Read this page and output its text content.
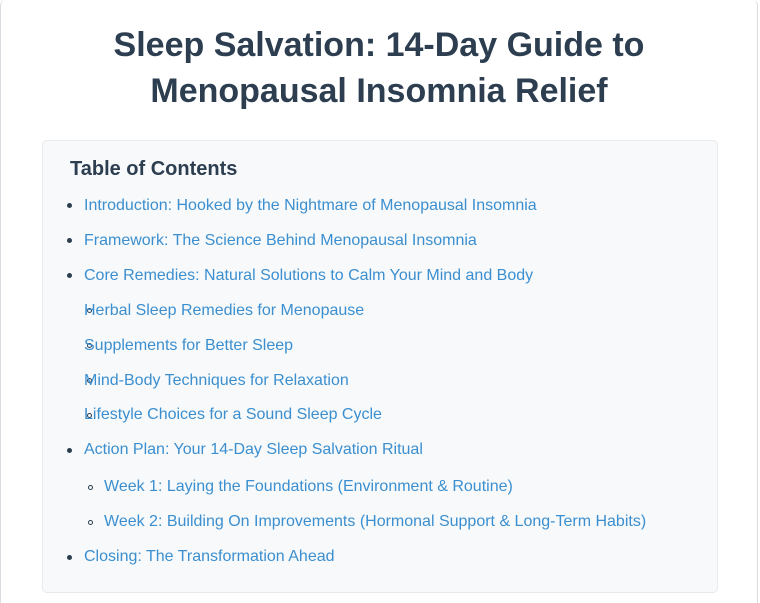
Sleep Salvation: 14-Day Guide to
Menopausal Insomnia Relief
Table of Contents
Introduction: Hooked by the Nightmare of Menopausal Insomnia
Framework: The Science Behind Menopausal Insomnia
Core Remedies: Natural Solutions to Calm Your Mind and Body
Herbal Sleep Remedies for Menopause
Supplements for Better Sleep
Mind-Body Techniques for Relaxation
Lifestyle Choices for a Sound Sleep Cycle
Action Plan: Your 14-Day Sleep Salvation Ritual
Week 1: Laying the Foundations (Environment & Routine)
Week 2: Building On Improvements (Hormonal Support & Long-Term Habits)
Closing: The Transformation Ahead
